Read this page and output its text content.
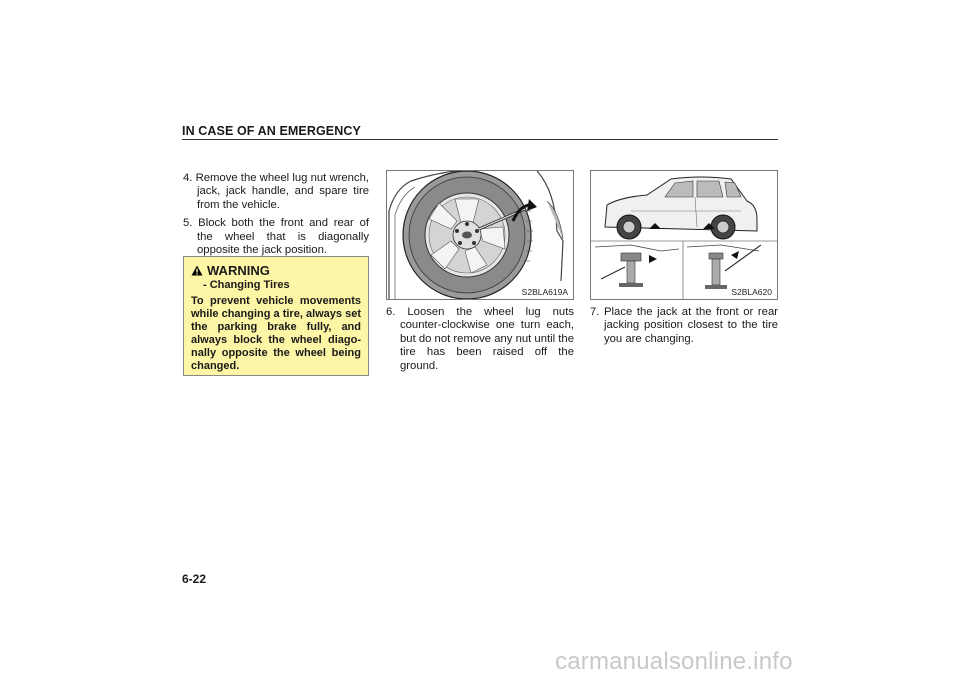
IN CASE OF AN EMERGENCY

4. Remove the wheel lug nut wrench, jack, jack handle, and spare tire from the vehicle.

5. Block both the front and rear of the wheel that is diagonally opposite the jack position.

WARNING
- Changing Tires
To prevent vehicle movements while changing a tire, always set the parking brake fully, and always block the wheel diago-nally opposite the wheel being changed.
S2BLA619A

6. Loosen the wheel lug nuts counter-clockwise one turn each, but do not remove any nut until the tire has been raised off the ground.

S2BLA620

7. Place the jack at the front or rear jacking position closest to the tire you are changing.

6-22
carmanualsonline.info
